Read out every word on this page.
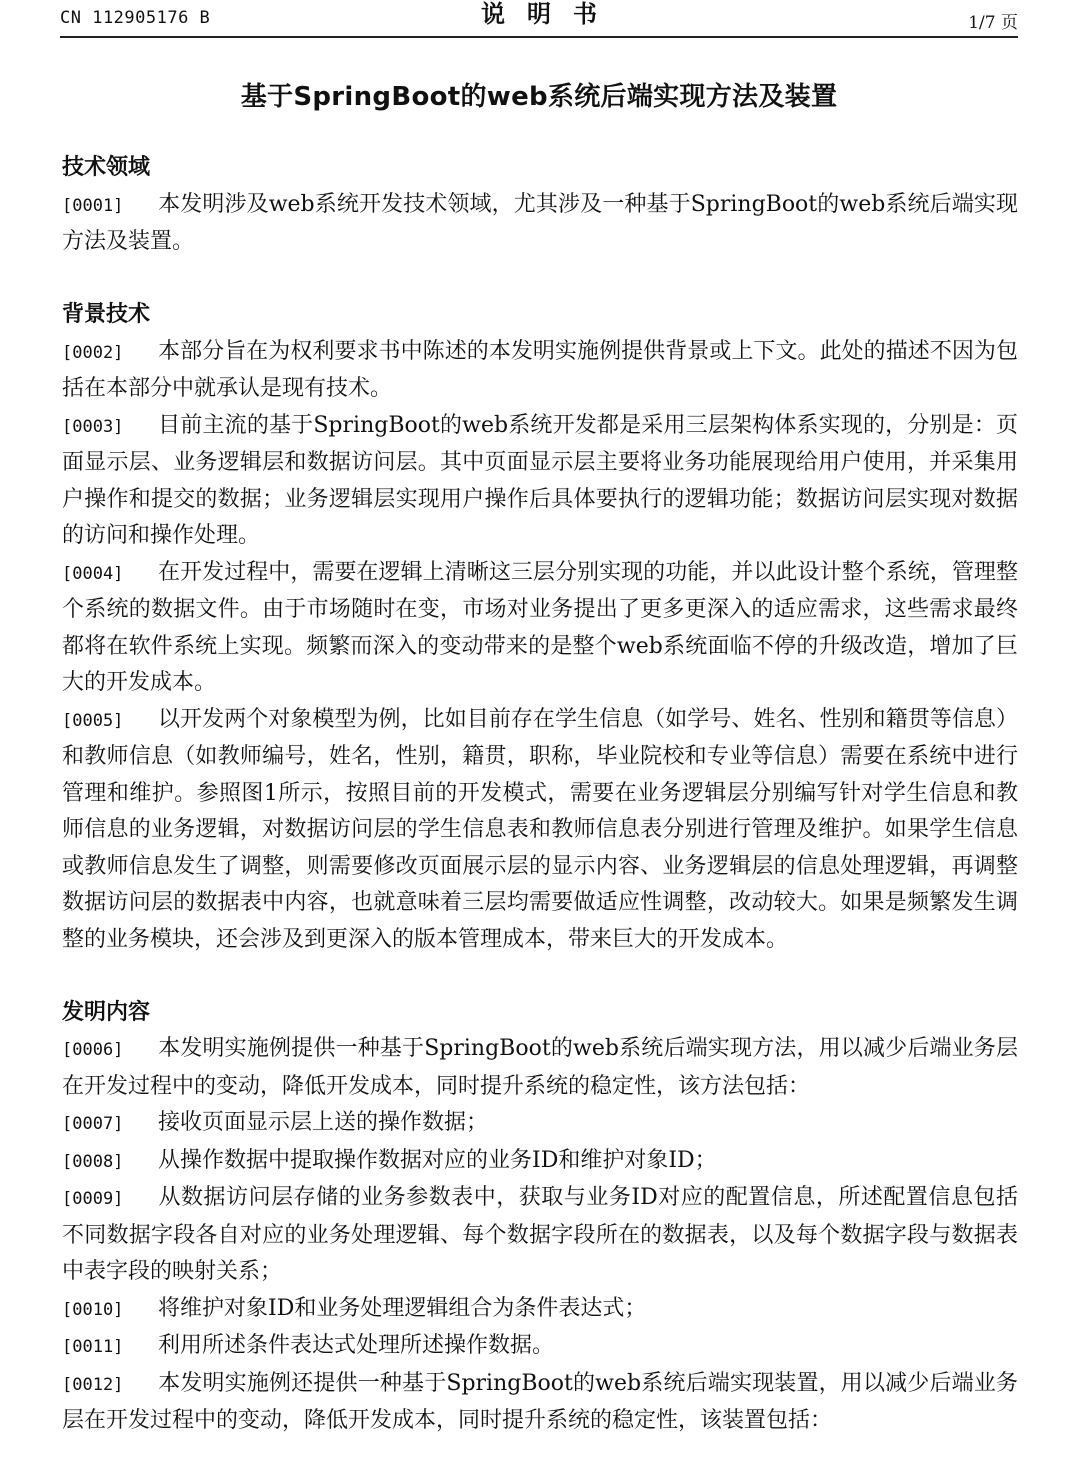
CN 112905176 B	说明书	1/7 页
基于SpringBoot的web系统后端实现方法及装置
技术领域

[0001] 本发明涉及web系统开发技术领域，尤其涉及一种基于SpringBoot的web系统后端实现方法及装置。

背景技术

[0002] 本部分旨在为权利要求书中陈述的本发明实施例提供背景或上下文。此处的描述不因为包括在本部分中就承认是现有技术。

[0003] 目前主流的基于SpringBoot的web系统开发都是采用三层架构体系实现的，分别是：页面显示层、业务逻辑层和数据访问层。其中页面显示层主要将业务功能展现给用户使用，并采集用户操作和提交的数据；业务逻辑层实现用户操作后具体要执行的逻辑功能；数据访问层实现对数据的访问和操作处理。

[0004] 在开发过程中，需要在逻辑上清晰这三层分别实现的功能，并以此设计整个系统，管理整个系统的数据文件。由于市场随时在变，市场对业务提出了更多更深入的适应需求，这些需求最终都将在软件系统上实现。频繁而深入的变动带来的是整个web系统面临不停的升级改造，增加了巨大的开发成本。

[0005] 以开发两个对象模型为例，比如目前存在学生信息（如学号、姓名、性别和籍贯等信息）和教师信息（如教师编号，姓名，性别，籍贯，职称，毕业院校和专业等信息）需要在系统中进行管理和维护。参照图1所示，按照目前的开发模式，需要在业务逻辑层分别编写针对学生信息和教师信息的业务逻辑，对数据访问层的学生信息表和教师信息表分别进行管理及维护。如果学生信息或教师信息发生了调整，则需要修改页面展示层的显示内容、业务逻辑层的信息处理逻辑，再调整数据访问层的数据表中内容，也就意味着三层均需要做适应性调整，改动较大。如果是频繁发生调整的业务模块，还会涉及到更深入的版本管理成本，带来巨大的开发成本。

发明内容

[0006] 本发明实施例提供一种基于SpringBoot的web系统后端实现方法，用以减少后端业务层在开发过程中的变动，降低开发成本，同时提升系统的稳定性，该方法包括：

[0007] 接收页面显示层上送的操作数据；

[0008] 从操作数据中提取操作数据对应的业务ID和维护对象ID；

[0009] 从数据访问层存储的业务参数表中，获取与业务ID对应的配置信息，所述配置信息包括不同数据字段各自对应的业务处理逻辑、每个数据字段所在的数据表，以及每个数据字段与数据表中表字段的映射关系；

[0010] 将维护对象ID和业务处理逻辑组合为条件表达式；

[0011] 利用所述条件表达式处理所述操作数据。

[0012] 本发明实施例还提供一种基于SpringBoot的web系统后端实现装置，用以减少后端业务层在开发过程中的变动，降低开发成本，同时提升系统的稳定性，该装置包括：
